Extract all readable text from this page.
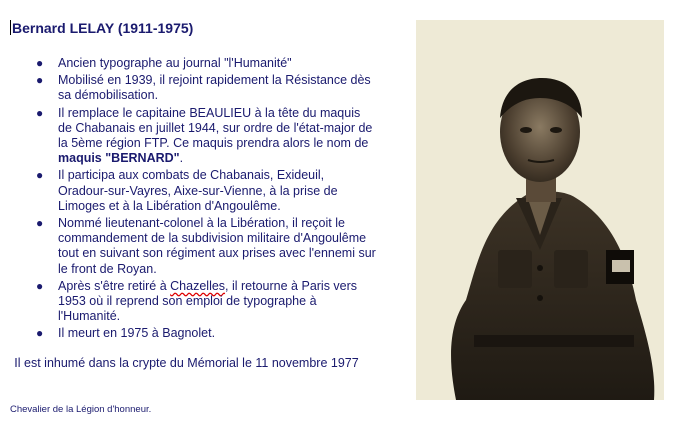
Bernard LELAY (1911-1975)
● Ancien typographe au journal "l'Humanité"
● Mobilisé en 1939, il rejoint rapidement la Résistance dès sa démobilisation.
● Il remplace le capitaine BEAULIEU à la tête du maquis de Chabanais en juillet 1944, sur ordre de l'état-major de la 5ème région FTP. Ce maquis prendra alors le nom de maquis "BERNARD".
● Il participa aux combats de Chabanais, Exideuil, Oradour-sur-Vayres, Aixe-sur-Vienne, à la prise de Limoges et à la Libération d'Angoulême.
● Nommé lieutenant-colonel à la Libération, il reçoit le commandement de la subdivision militaire d'Angoulême tout en suivant son régiment aux prises avec l'ennemi sur le front de Royan.
● Après s'être retiré à Chazelles, il retourne à Paris vers 1953 où il reprend son emploi de typographe à l'Humanité.
● Il meurt en 1975 à Bagnolet.
Il est inhumé dans la crypte du Mémorial le 11 novembre 1977
Chevalier de la Légion d'honneur.
